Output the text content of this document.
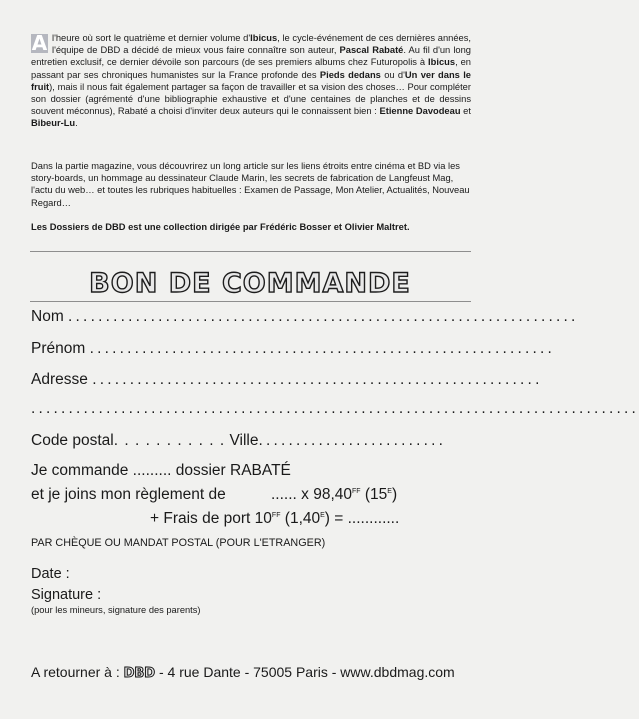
A l'heure où sort le quatrième et dernier volume d'Ibicus, le cycle-événement de ces dernières années, l'équipe de DBD a décidé de mieux vous faire connaître son auteur, Pascal Rabaté. Au fil d'un long entretien exclusif, ce dernier dévoile son parcours (de ses premiers albums chez Futuropolis à Ibicus, en passant par ses chroniques humanistes sur la France profonde des Pieds dedans ou d'Un ver dans le fruit), mais il nous fait également partager sa façon de travailler et sa vision des choses… Pour compléter son dossier (agrémenté d'une bibliographie exhaustive et d'une centaines de planches et de dessins souvent méconnus), Rabaté a choisi d'inviter deux auteurs qui le connaissent bien : Etienne Davodeau et Bibeur-Lu.
Dans la partie magazine, vous découvrirez un long article sur les liens étroits entre cinéma et BD via les story-boards, un hommage au dessinateur Claude Marin, les secrets de fabrication de Langfeust Mag, l'actu du web… et toutes les rubriques habituelles : Examen de Passage, Mon Atelier, Actualités, Nouveau Regard…
Les Dossiers de DBD est une collection dirigée par Frédéric Bosser et Olivier Maltret.
BON DE COMMANDE
Nom ....................................................................
Prénom ..............................................................
Adresse ............................................................
.................................................................................
Code postal. . . . . . . . . . . Ville.........................
Je commande ......... dossier RABATÉ
et je joins mon règlement de	...... x $98,40^{FF}$ $(15^E)$
+ Frais de port $10^{FF}$ $(1,40^E)$ = ............
PAR CHÈQUE OU MANDAT POSTAL (POUR L'ETRANGER)
Date :
Signature :
(pour les mineurs, signature des parents)
A retourner à : DBD - 4 rue Dante - 75005 Paris - www.dbdmag.com
